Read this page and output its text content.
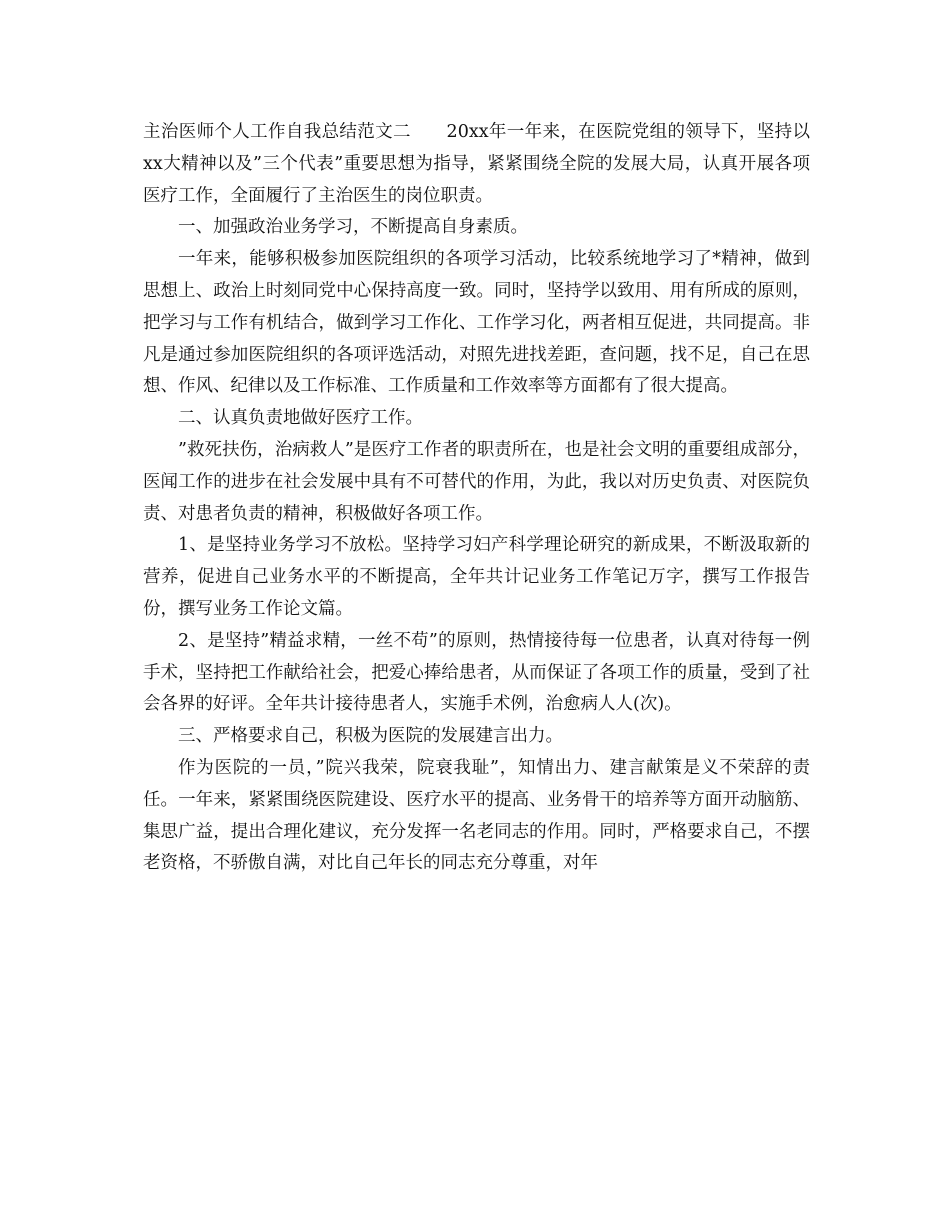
主治医师个人工作自我总结范文二　　20xx年一年来，在医院党组的领导下，坚持以xx大精神以及”三个代表”重要思想为指导，紧紧围绕全院的发展大局，认真开展各项医疗工作，全面履行了主治医生的岗位职责。

一、加强政治业务学习，不断提高自身素质。

一年来，能够积极参加医院组织的各项学习活动，比较系统地学习了*精神，做到思想上、政治上时刻同党中心保持高度一致。同时，坚持学以致用、用有所成的原则，把学习与工作有机结合，做到学习工作化、工作学习化，两者相互促进，共同提高。非凡是通过参加医院组织的各项评选活动，对照先进找差距，查问题，找不足，自己在思想、作风、纪律以及工作标准、工作质量和工作效率等方面都有了很大提高。

二、认真负责地做好医疗工作。

”救死扶伤，治病救人”是医疗工作者的职责所在，也是社会文明的重要组成部分，医闻工作的进步在社会发展中具有不可替代的作用，为此，我以对历史负责、对医院负责、对患者负责的精神，积极做好各项工作。

1、是坚持业务学习不放松。坚持学习妇产科学理论研究的新成果，不断汲取新的营养，促进自己业务水平的不断提高，全年共计记业务工作笔记万字，撰写工作报告份，撰写业务工作论文篇。

2、是坚持”精益求精，一丝不苟”的原则，热情接待每一位患者，认真对待每一例手术，坚持把工作献给社会，把爱心捧给患者，从而保证了各项工作的质量，受到了社会各界的好评。全年共计接待患者人，实施手术例，治愈病人人(次)。

三、严格要求自己，积极为医院的发展建言出力。

作为医院的一员，”院兴我荣，院衰我耻”，知情出力、建言献策是义不荣辞的责任。一年来，紧紧围绕医院建设、医疗水平的提高、业务骨干的培养等方面开动脑筋、集思广益，提出合理化建议，充分发挥一名老同志的作用。同时，严格要求自己，不摆老资格，不骄傲自满，对比自己年长的同志充分尊重，对年
